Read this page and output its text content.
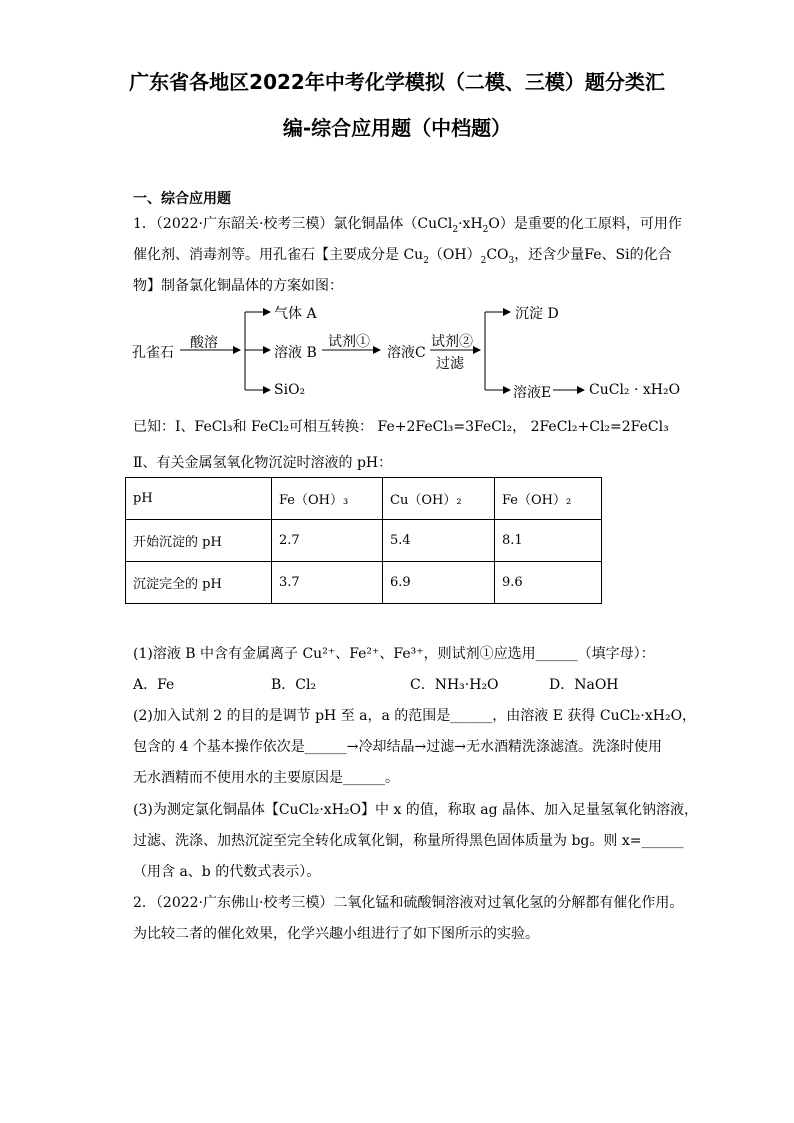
广东省各地区2022年中考化学模拟（二模、三模）题分类汇
编-综合应用题（中档题）
一、综合应用题
1．（2022·广东韶关·校考三模）氯化铜晶体$(CuCl_2\cdot xH_2O)$是重要的化工原料，可用作
催化剂、消毒剂等。用孔雀石【主要成分是 $Cu_2(OH)_2CO_3$，还含少量Fe、Si的化合
物】制备氯化铜晶体的方案如图：
孔雀石
酸溶
气体 A
溶液 B
SiO₂
试剂①
溶液C
试剂②
过滤
沉淀 D
溶液E	CuCl₂ · xH₂O
已知：I、FeCl₃和 FeCl₂可相互转换： Fe+2FeCl₃=3FeCl₂， 2FeCl₂+Cl₂=2FeCl₃
Ⅱ、有关金属氢氧化物沉淀时溶液的 pH：
pH	Fe（OH）₃	Cu（OH）₂	Fe（OH）₂
开始沉淀的 pH	2.7	5.4	8.1
沉淀完全的 pH	3.7	6.9	9.6
(1)溶液 B 中含有金属离子 Cu²⁺、Fe²⁺、Fe³⁺，则试剂①应选用______（填字母）：
A．Fe	B．Cl₂	C．NH₃·H₂O	D．NaOH
(2)加入试剂 2 的目的是调节 pH 至 a，a 的范围是______，由溶液 E 获得 CuCl₂·xH₂O，
包含的 4 个基本操作依次是______→冷却结晶→过滤→无水酒精洗涤滤渣。洗涤时使用
无水酒精而不使用水的主要原因是______。
(3)为测定氯化铜晶体【CuCl₂·xH₂O】中 x 的值，称取 ag 晶体、加入足量氢氧化钠溶液，
过滤、洗涤、加热沉淀至完全转化成氧化铜，称量所得黑色固体质量为 bg。则 x=______
（用含 a、b 的代数式表示）。
2．（2022·广东佛山·校考三模）二氧化锰和硫酸铜溶液对过氧化氢的分解都有催化作用。
为比较二者的催化效果，化学兴趣小组进行了如下图所示的实验。
